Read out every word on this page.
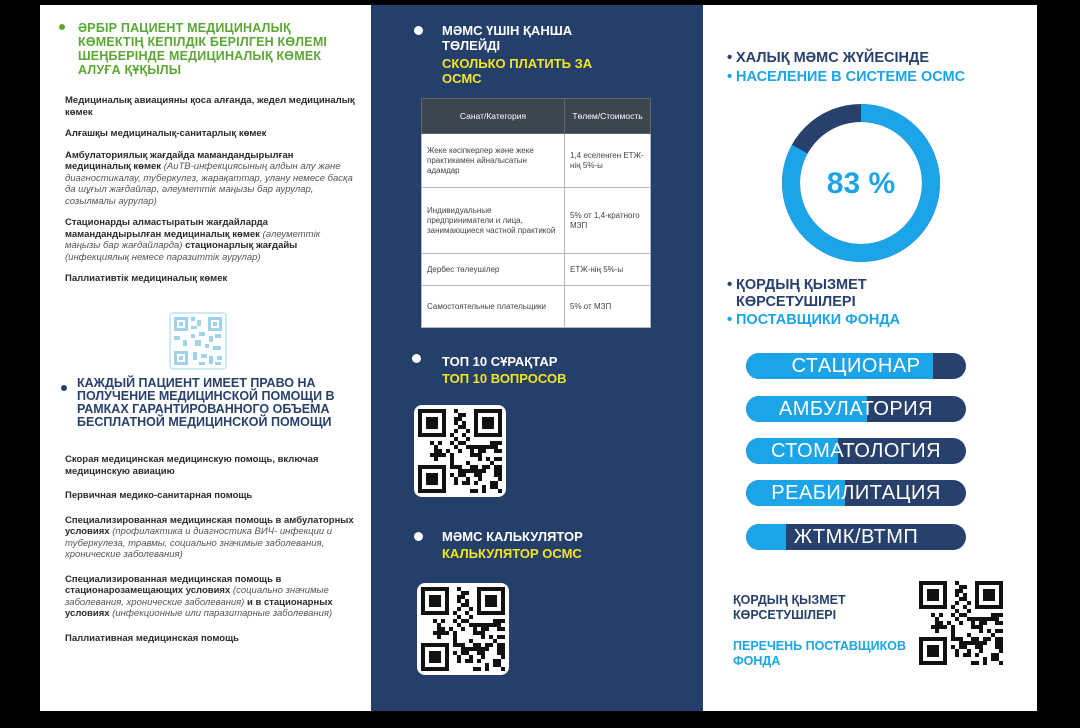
ӘРБІР ПАЦИЕНТ МЕДИЦИНАЛЫҚ КӨМЕКТІҢ КЕПІЛДІК БЕРІЛГЕН КӨЛЕМІ ШЕҢБЕРІНДЕ МЕДИЦИНАЛЫҚ КӨМЕК АЛУҒА ҚҰҚЫЛЫ
Медициналық авиацияны қоса алғанда, жедел медициналық көмек
Алғашқы медициналық-санитарлық көмек
Амбулаториялық жағдайда мамандандырылған медициналық көмек (АиТВ-инфекциясының алдын алу және диагностикалау, туберкулез, жарақаттар, улану немесе басқа да шұғыл жағдайлар, әлеуметтік маңызы бар аурулар, созылмалы аурулар)
Стационарды алмастыратын жағдайларда мамандандырылған медициналық көмек (әлеуметтік маңызы бар жағдайларда) стационарлық жағдайы (инфекциялық немесе паразиттік аурулар)
Паллиативтік медициналық көмек
КАЖДЫЙ ПАЦИЕНТ ИМЕЕТ ПРАВО НА ПОЛУЧЕНИЕ МЕДИЦИНСКОЙ ПОМОЩИ В РАМКАХ ГАРАНТИРОВАННОГО ОБЪЕМА БЕСПЛАТНОЙ МЕДИЦИНСКОЙ ПОМОЩИ
Скорая медицинская медицинскую помощь, включая медицинскую авиацию
Первичная медико-санитарная помощь
Специализированная медицинская помощь в амбулаторных условиях (профилактика и диагностика ВИЧ- инфекции и туберкулеза, травмы, социально значимые заболевания, хронические заболевания)
Специализированная медицинская помощь в стационарозамещающих условиях (социально значимые заболевания, хронические заболевания) и в стационарных условиях (инфекционные или паразитарные заболевания)
Паллиативная медицинская помощь
МӘМС ҮШІН ҚАНША ТӨЛЕЙДІ
СКОЛЬКО ПЛАТИТЬ ЗА ОСМС
Санат/Категория	Төлем/Стоимость
Жеке кәсіпкерлер және жеке практикамен айналысатын адамдар	1,4 еселенген ЕТЖ-нің 5%-ы
Индивидуальные предприниматели и лица, занимающиеся частной практикой	5% от 1,4-кратного МЗП
Дербес төлеушілер	ЕТЖ-нің 5%-ы
Самостоятельные плательщики	5% от МЗП
ТОП 10 СҰРАҚТАР
ТОП 10 ВОПРОСОВ
МӘМС КАЛЬКУЛЯТОР
КАЛЬКУЛЯТОР ОСМС
• ХАЛЫҚ МӘМС ЖҮЙЕСІНДЕ
• НАСЕЛЕНИЕ В СИСТЕМЕ ОСМС
83 %
• ҚОРДЫҢ ҚЫЗМЕТ КӨРСЕТУШІЛЕРІ
• ПОСТАВЩИКИ ФОНДА
СТАЦИОНАР
АМБУЛАТОРИЯ
СТОМАТОЛОГИЯ
РЕАБИЛИТАЦИЯ
ЖТМК/ВТМП
ҚОРДЫҢ ҚЫЗМЕТ КӨРСЕТУШІЛЕРІ
ПЕРЕЧЕНЬ ПОСТАВЩИКОВ ФОНДА
